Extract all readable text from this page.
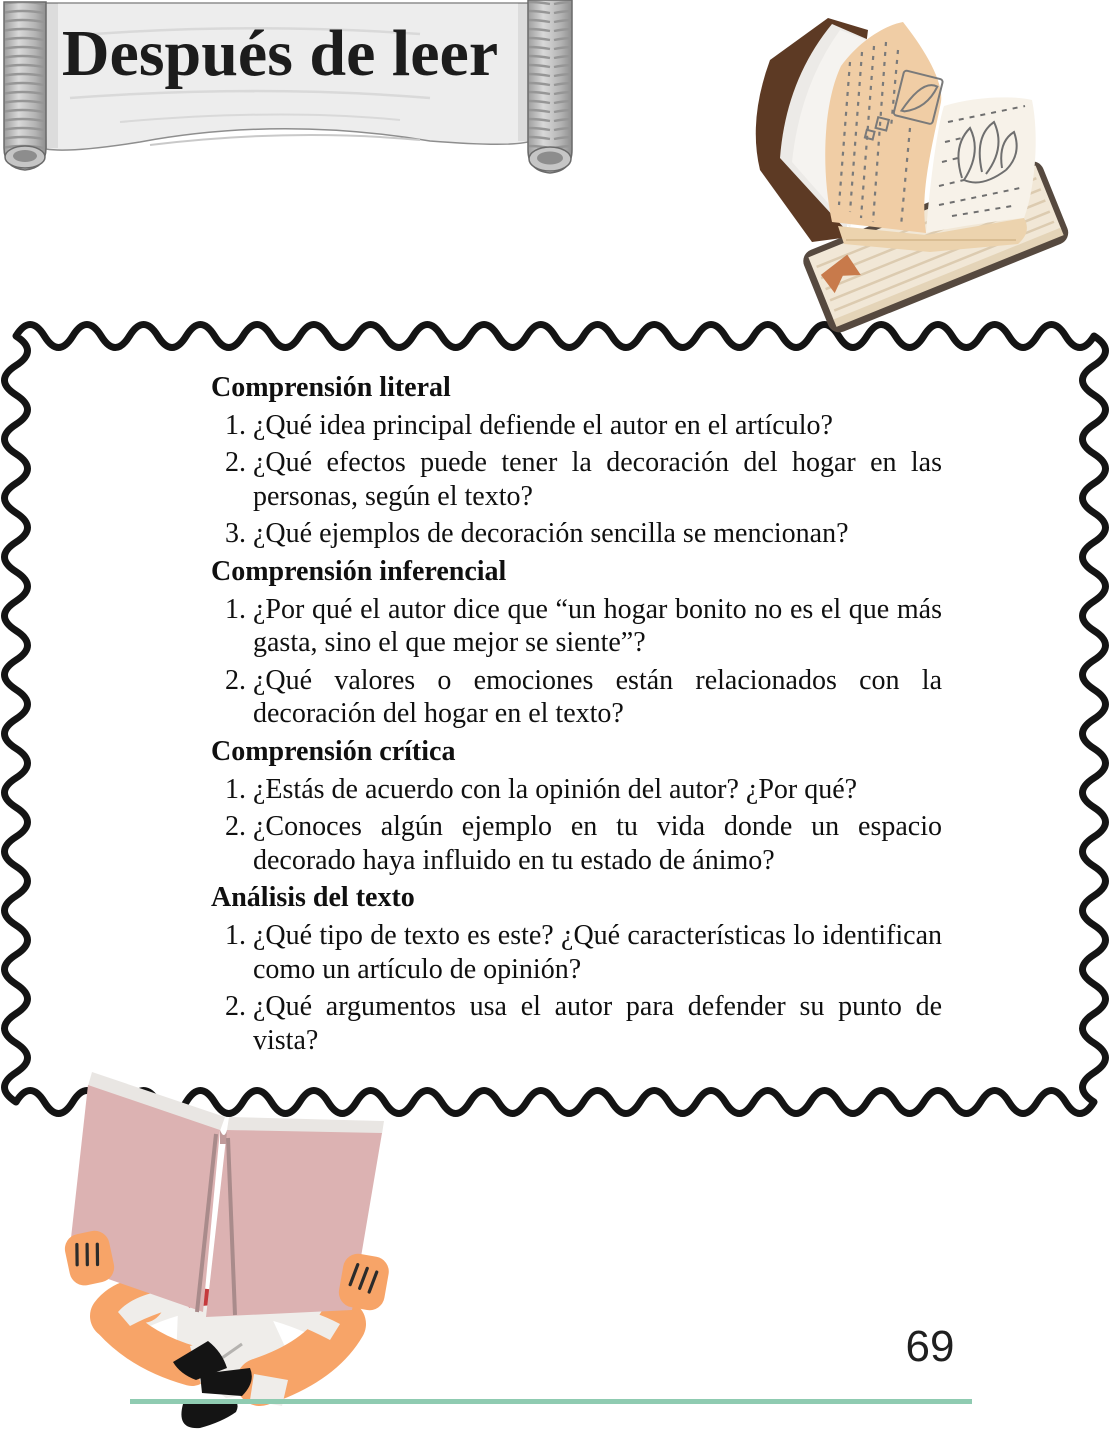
Después de leer
Comprensión literal
1. ¿Qué idea principal defiende el autor en el artículo?
2. ¿Qué efectos puede tener la decoración del hogar en las personas, según el texto?
3. ¿Qué ejemplos de decoración sencilla se mencionan?
Comprensión inferencial
1. ¿Por qué el autor dice que “un hogar bonito no es el que más gasta, sino el que mejor se siente”?
2. ¿Qué valores o emociones están relacionados con la decoración del hogar en el texto?
Comprensión crítica
1. ¿Estás de acuerdo con la opinión del autor? ¿Por qué?
2. ¿Conoces algún ejemplo en tu vida donde un espacio decorado haya influido en tu estado de ánimo?
Análisis del texto
1. ¿Qué tipo de texto es este? ¿Qué características lo identifican como un artículo de opinión?
2. ¿Qué argumentos usa el autor para defender su punto de vista?
69
